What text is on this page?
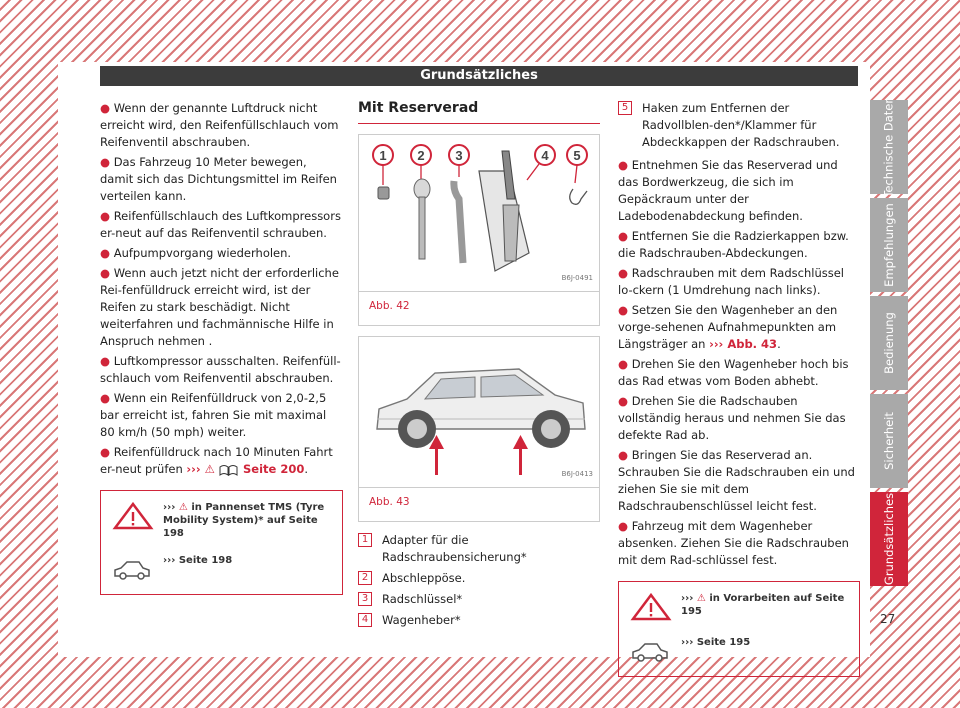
Grundsätzliches
Technische Daten
Empfehlungen
Bedienung
Sicherheit
Grundsätzliches
27

● Wenn der genannte Luftdruck nicht erreicht wird, den Reifenfüllschlauch vom Reifenventil abschrauben.

● Das Fahrzeug 10 Meter bewegen, damit sich das Dichtungsmittel im Reifen verteilen kann.

● Reifenfüllschlauch des Luftkompressors er-neut auf das Reifenventil schrauben.

● Aufpumpvorgang wiederholen.

● Wenn auch jetzt nicht der erforderliche Rei-fenfülldruck erreicht wird, ist der Reifen zu stark beschädigt. Nicht weiterfahren und fachmännische Hilfe in Anspruch nehmen .

● Luftkompressor ausschalten. Reifenfüll-schlauch vom Reifenventil abschrauben.

● Wenn ein Reifenfülldruck von 2,0-2,5 bar erreicht ist, fahren Sie mit maximal 80 km/h (50 mph) weiter.

● Reifenfülldruck nach 10 Minuten Fahrt er-neut prüfen ››› ⚠ Seite 200.

››› ⚠ in Pannenset TMS (Tyre Mobility System)* auf Seite 198
››› Seite 198
Mit Reserverad
1 2 3	4 5
B6J-0491
Abb. 42
B6J-0413
Abb. 43
1	Adapter für die Radschraubensicherung*
2	Abschleppöse.
3	Radschlüssel*
4	Wagenheber*
5	Haken zum Entfernen der Radvollblen-den*/Klammer für Abdeckkappen der Radschrauben.

● Entnehmen Sie das Reserverad und das Bordwerkzeug, die sich im Gepäckraum unter der Ladebodenabdeckung befinden.

● Entfernen Sie die Radzierkappen bzw. die Radschrauben-Abdeckungen.

● Radschrauben mit dem Radschlüssel lo-ckern (1 Umdrehung nach links).

● Setzen Sie den Wagenheber an den vorge-sehenen Aufnahmepunkten am Längsträger an ››› Abb. 43.

● Drehen Sie den Wagenheber hoch bis das Rad etwas vom Boden abhebt.

● Drehen Sie die Radschauben vollständig heraus und nehmen Sie das defekte Rad ab.

● Bringen Sie das Reserverad an. Schrauben Sie die Radschrauben ein und ziehen Sie sie mit dem Radschraubenschlüssel leicht fest.

● Fahrzeug mit dem Wagenheber absenken. Ziehen Sie die Radschrauben mit dem Rad-schlüssel fest.

››› ⚠ in Vorarbeiten auf Seite 195
››› Seite 195
